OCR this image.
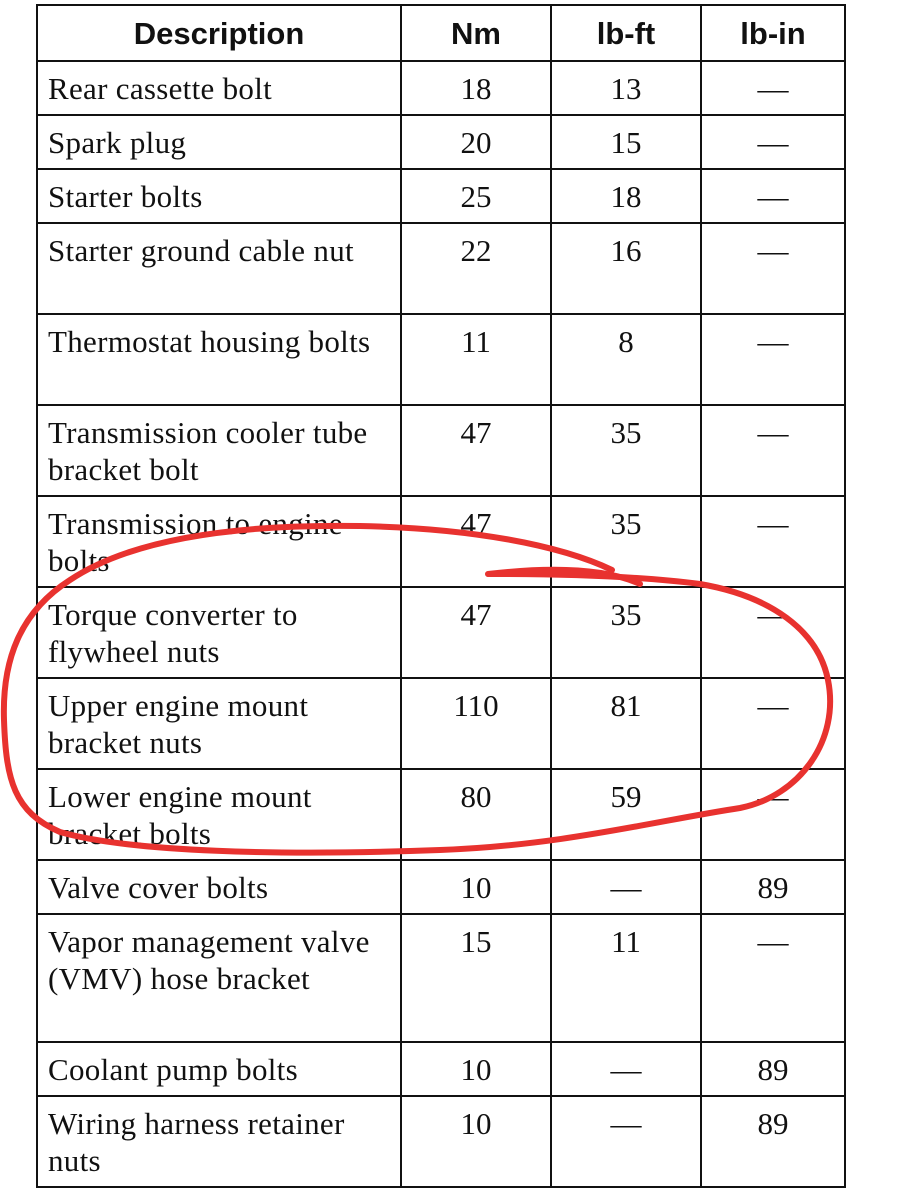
Description	Nm	lb-ft	lb-in
Rear cassette bolt	18	13	—
Spark plug	20	15	—
Starter bolts	25	18	—
Starter ground cable nut	22	16	—
Thermostat housing bolts	11	8	—
Transmission cooler tube bracket bolt	47	35	—
Transmission to engine bolts	47	35	—
Torque converter to flywheel nuts	47	35	—
Upper engine mount bracket nuts	110	81	—
Lower engine mount bracket bolts	80	59	—
Valve cover bolts	10	—	89
Vapor management valve (VMV) hose bracket	15	11	—
Coolant pump bolts	10	—	89
Wiring harness retainer nuts	10	—	89
